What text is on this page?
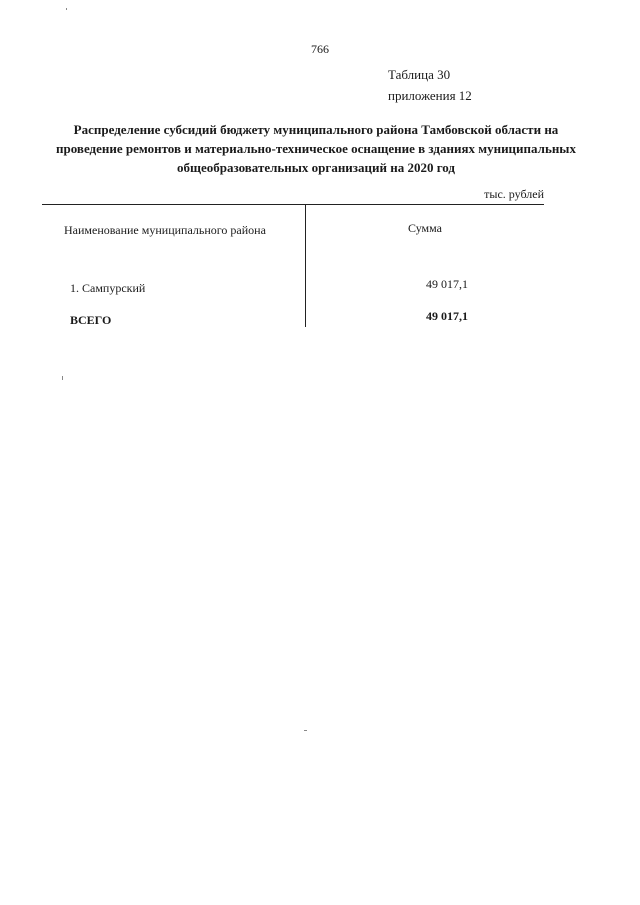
766
Таблица 30
приложения 12
Распределение субсидий бюджету муниципального района Тамбовской области на проведение ремонтов и материально-техническое оснащение в зданиях муниципальных общеобразовательных организаций на 2020 год
тыс. рублей
Наименование муниципального района	Сумма
1. Сампурский	49 017,1
ВСЕГО	49 017,1
